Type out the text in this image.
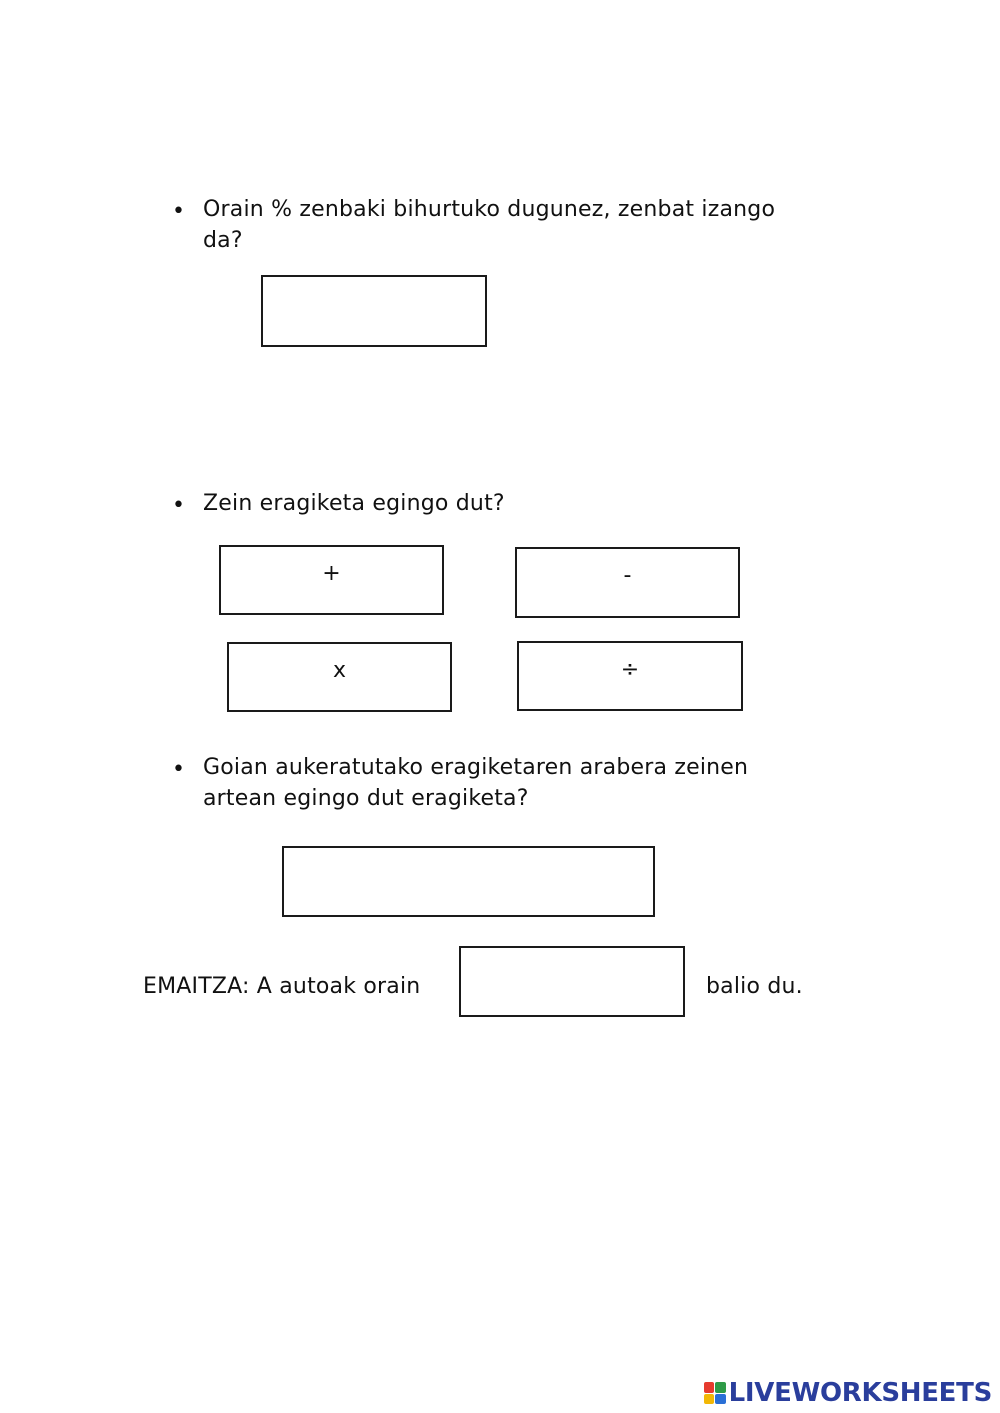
• Orain % zenbaki bihurtuko dugunez, zenbat izango
da?
• Zein eragiketa egingo dut?
+	-
x	÷
• Goian aukeratutako eragiketaren arabera zeinen
artean egingo dut eragiketa?
EMAITZA: A autoak orain	balio du.
LIVEWORKSHEETS
